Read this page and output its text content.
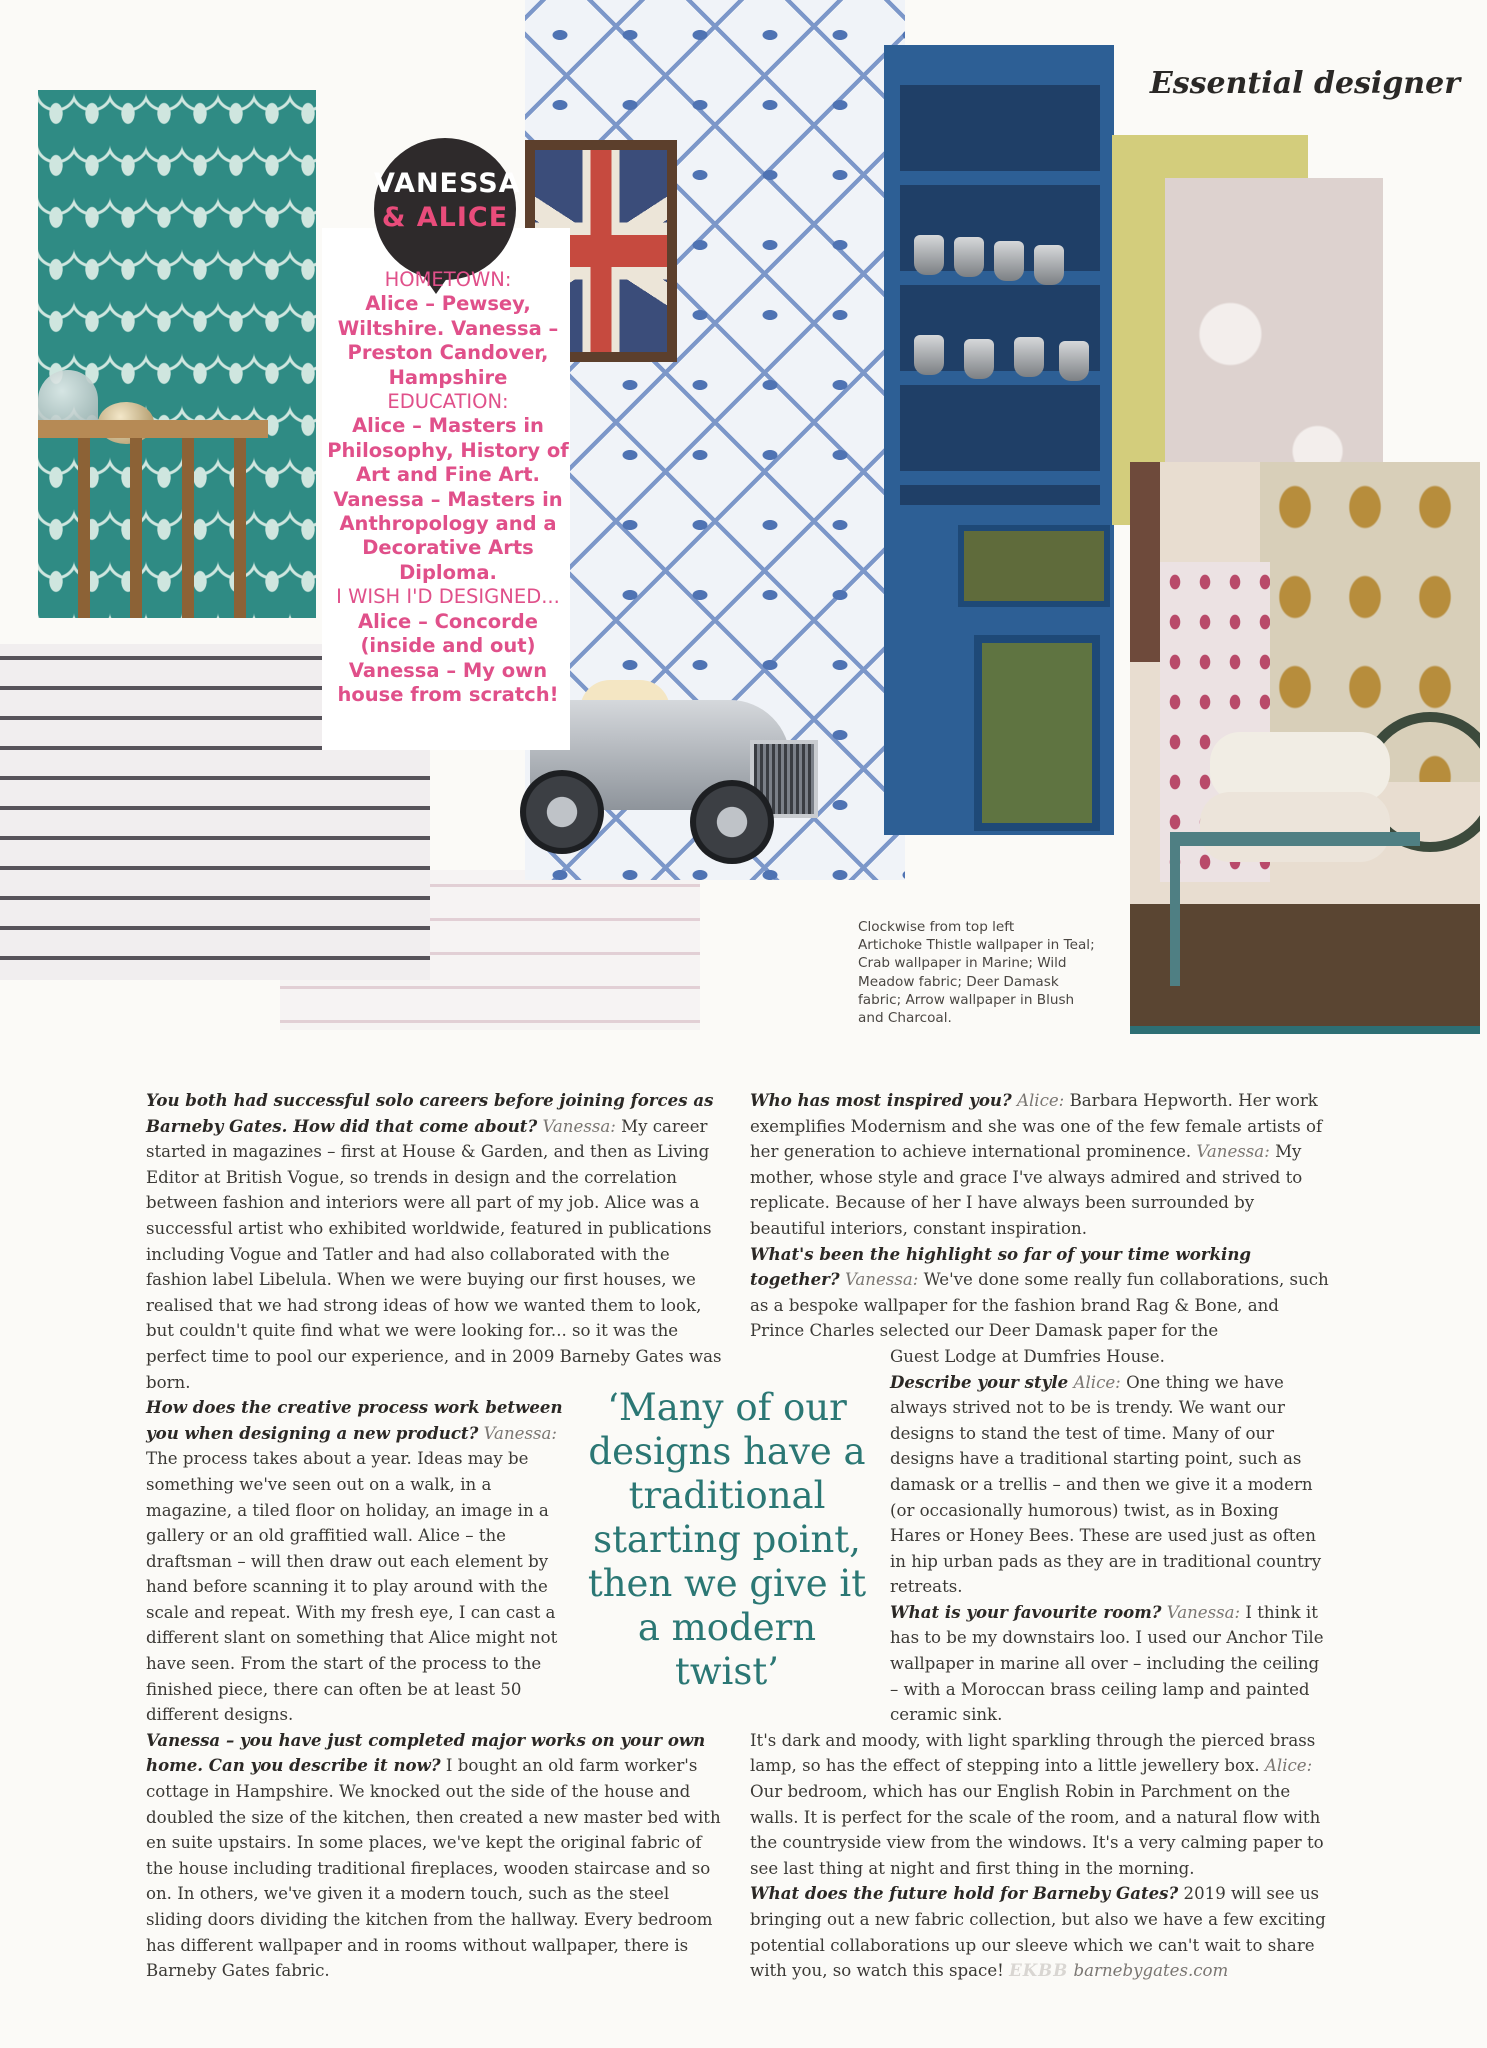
Essential designer
VANESSA
& ALICE
HOMETOWN:
Alice – Pewsey, Wiltshire. Vanessa – Preston Candover, Hampshire
EDUCATION:
Alice – Masters in Philosophy, History of Art and Fine Art. Vanessa – Masters in Anthropology and a Decorative Arts Diploma.
I WISH I'D DESIGNED...
Alice – Concorde (inside and out) Vanessa – My own house from scratch!
Clockwise from top left
Artichoke Thistle wallpaper in Teal; Crab wallpaper in Marine; Wild Meadow fabric; Deer Damask fabric; Arrow wallpaper in Blush and Charcoal.

You both had successful solo careers before joining forces as Barneby Gates. How did that come about? Vanessa: My career started in magazines – first at House & Garden, and then as Living Editor at British Vogue, so trends in design and the correlation between fashion and interiors were all part of my job. Alice was a successful artist who exhibited worldwide, featured in publications including Vogue and Tatler and had also collaborated with the fashion label Libelula. When we were buying our first houses, we realised that we had strong ideas of how we wanted them to look, but couldn't quite find what we were looking for... so it was the perfect time to pool our experience, and in 2009 Barneby Gates was born.

How does the creative process work between you when designing a new product? Vanessa: The process takes about a year. Ideas may be something we've seen out on a walk, in a magazine, a tiled floor on holiday, an image in a gallery or an old graffitied wall. Alice – the draftsman – will then draw out each element by hand before scanning it to play around with the scale and repeat. With my fresh eye, I can cast a different slant on something that Alice might not have seen. From the start of the process to the finished piece, there can often be at least 50 different designs.

Vanessa – you have just completed major works on your own home. Can you describe it now? I bought an old farm worker's cottage in Hampshire. We knocked out the side of the house and doubled the size of the kitchen, then created a new master bed with en suite upstairs. In some places, we've kept the original fabric of the house including traditional fireplaces, wooden staircase and so on. In others, we've given it a modern touch, such as the steel sliding doors dividing the kitchen from the hallway. Every bedroom has different wallpaper and in rooms without wallpaper, there is Barneby Gates fabric.

‘Many of our designs have a traditional starting point, then we give it a modern twist’

Who has most inspired you? Alice: Barbara Hepworth. Her work exemplifies Modernism and she was one of the few female artists of her generation to achieve international prominence. Vanessa: My mother, whose style and grace I've always admired and strived to replicate. Because of her I have always been surrounded by beautiful interiors, constant inspiration.

What's been the highlight so far of your time working together? Vanessa: We've done some really fun collaborations, such as a bespoke wallpaper for the fashion brand Rag & Bone, and Prince Charles selected our Deer Damask paper for the

Guest Lodge at Dumfries House.

Describe your style Alice: One thing we have always strived not to be is trendy. We want our designs to stand the test of time. Many of our designs have a traditional starting point, such as damask or a trellis – and then we give it a modern (or occasionally humorous) twist, as in Boxing Hares or Honey Bees. These are used just as often in hip urban pads as they are in traditional country retreats.

What is your favourite room? Vanessa: I think it has to be my downstairs loo. I used our Anchor Tile wallpaper in marine all over – including the ceiling – with a Moroccan brass ceiling lamp and painted ceramic sink.

It's dark and moody, with light sparkling through the pierced brass lamp, so has the effect of stepping into a little jewellery box. Alice: Our bedroom, which has our English Robin in Parchment on the walls. It is perfect for the scale of the room, and a natural flow with the countryside view from the windows. It's a very calming paper to see last thing at night and first thing in the morning.

What does the future hold for Barneby Gates? 2019 will see us bringing out a new fabric collection, but also we have a few exciting potential collaborations up our sleeve which we can't wait to share with you, so watch this space! EKBB barnebygates.com
